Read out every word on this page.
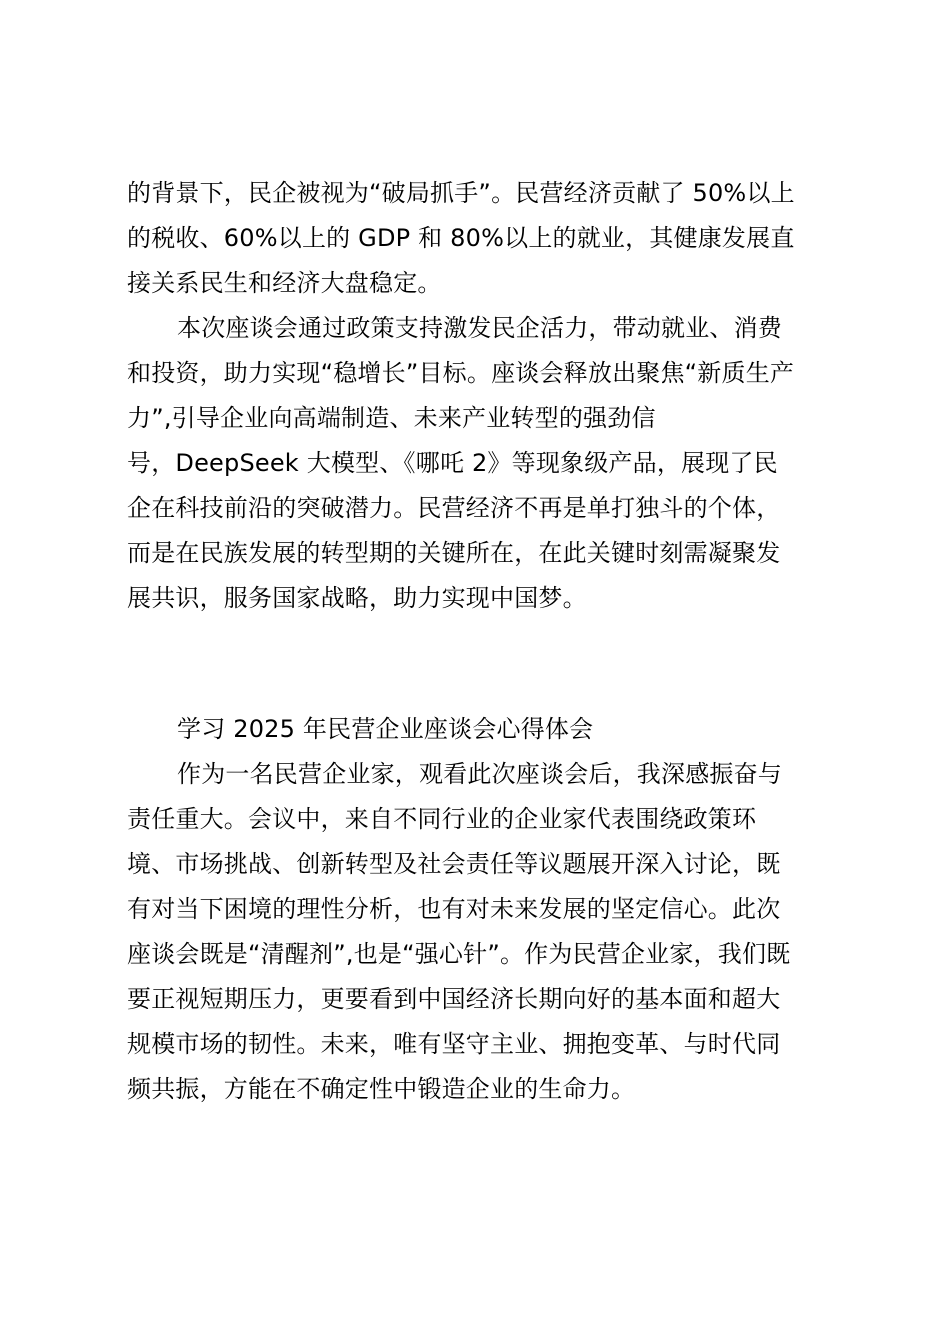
的背景下，民企被视为“破局抓手”。民营经济贡献了 50%以上
的税收、60%以上的 GDP 和 80%以上的就业，其健康发展直
接关系民生和经济大盘稳定。
本次座谈会通过政策支持激发民企活力，带动就业、消费
和投资，助力实现“稳增长”目标。座谈会释放出聚焦“新质生产
力”,引导企业向高端制造、未来产业转型的强劲信
号，DeepSeek 大模型、《哪吒 2》等现象级产品，展现了民
企在科技前沿的突破潜力。民营经济不再是单打独斗的个体，
而是在民族发展的转型期的关键所在，在此关键时刻需凝聚发
展共识，服务国家战略，助力实现中国梦。
学习 2025 年民营企业座谈会心得体会
作为一名民营企业家，观看此次座谈会后，我深感振奋与
责任重大。会议中，来自不同行业的企业家代表围绕政策环
境、市场挑战、创新转型及社会责任等议题展开深入讨论，既
有对当下困境的理性分析，也有对未来发展的坚定信心。此次
座谈会既是“清醒剂”,也是“强心针”。作为民营企业家，我们既
要正视短期压力，更要看到中国经济长期向好的基本面和超大
规模市场的韧性。未来，唯有坚守主业、拥抱变革、与时代同
频共振，方能在不确定性中锻造企业的生命力。
